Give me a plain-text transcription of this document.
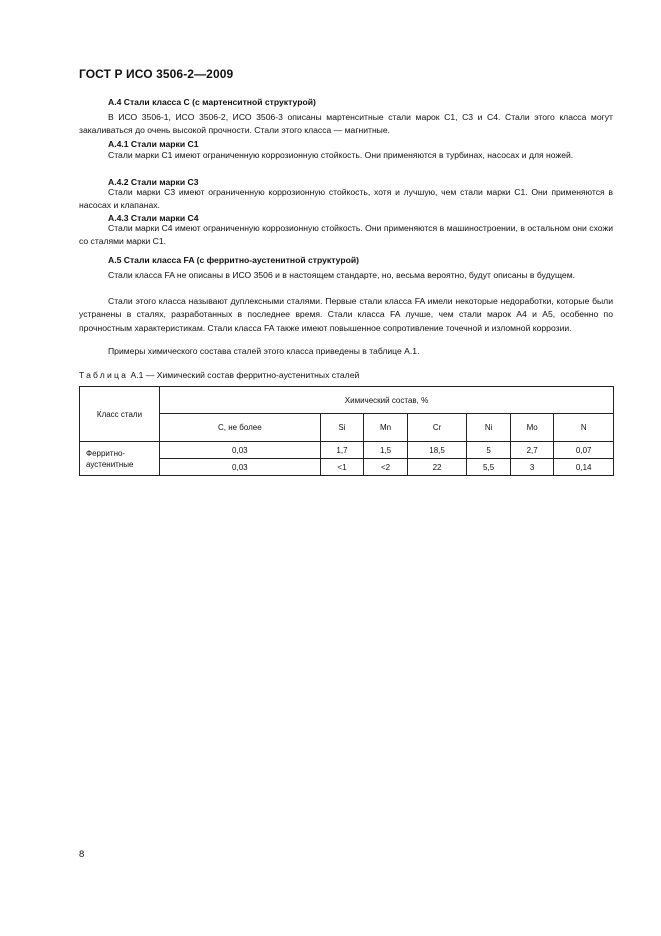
ГОСТ Р ИСО 3506-2—2009

А.4 Стали класса С (с мартенситной структурой)

В ИСО 3506-1, ИСО 3506-2, ИСО 3506-3 описаны мартенситные стали марок С1, С3 и С4. Стали этого класса могут закаливаться до очень высокой прочности. Стали этого класса — магнитные.

А.4.1 Стали марки С1

Стали марки С1 имеют ограниченную коррозионную стойкость. Они применяются в турбинах, насосах и для ножей.

А.4.2 Стали марки С3

Стали марки С3 имеют ограниченную коррозионную стойкость, хотя и лучшую, чем стали марки С1. Они применяются в насосах и клапанах.

А.4.3 Стали марки С4

Стали марки С4 имеют ограниченную коррозионную стойкость. Они применяются в машиностроении, в остальном они схожи со сталями марки С1.

А.5 Стали класса FA (с ферритно-аустенитной структурой)

Стали класса FA не описаны в ИСО 3506 и в настоящем стандарте, но, весьма вероятно, будут описаны в будущем.

Стали этого класса называют дуплексными сталями. Первые стали класса FA имели некоторые недоработки, которые были устранены в сталях, разработанных в последнее время. Стали класса FA лучше, чем стали марок А4 и А5, особенно по прочностным характеристикам. Стали класса FA также имеют повышенное сопротивление точечной и изломной коррозии.

Примеры химического состава сталей этого класса приведены в таблице А.1.

Таблица А.1 — Химический состав ферритно-аустенитных сталей
Класс стали	Химический состав, %						
	С, не более	Si	Mn	Cr	Ni	Mo	N
Ферритно-аустенитные	0,03	1,7	1,5	18,5	5	2,7	0,07
	0,03	<1	<2	22	5,5	3	0,14
8
